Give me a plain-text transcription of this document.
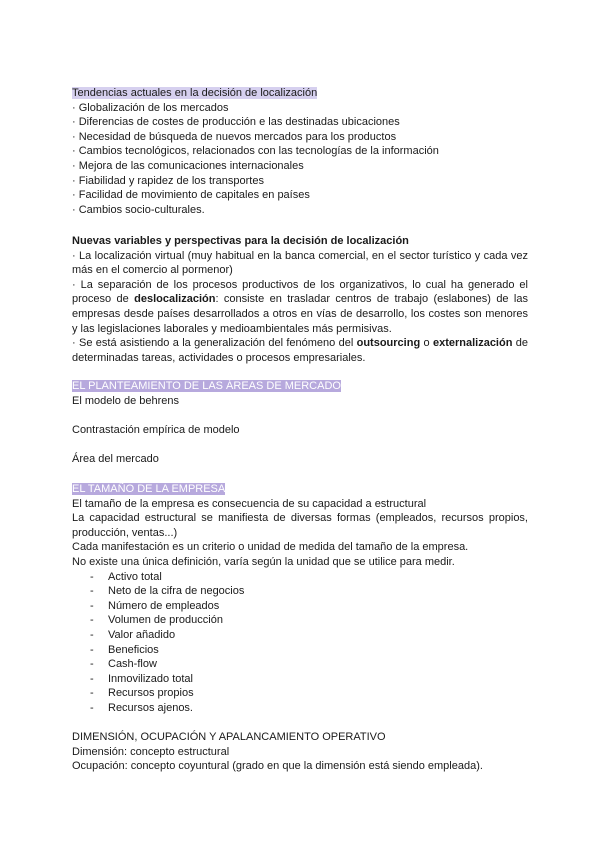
Tendencias actuales en la decisión de localización

· Globalización de los mercados

· Diferencias de costes de producción e las destinadas ubicaciones

· Necesidad de búsqueda de nuevos mercados para los productos

· Cambios tecnológicos, relacionados con las tecnologías de la información

· Mejora de las comunicaciones internacionales

· Fiabilidad y rapidez de los transportes

· Facilidad de movimiento de capitales en países

· Cambios socio-culturales.

Nuevas variables y perspectivas para la decisión de localización

· La localización virtual (muy habitual en la banca comercial, en el sector turístico y cada vez más en el comercio al pormenor)

· La separación de los procesos productivos de los organizativos, lo cual ha generado el proceso de deslocalización: consiste en trasladar centros de trabajo (eslabones) de las empresas desde países desarrollados a otros en vías de desarrollo, los costes son menores y las legislaciones laborales y medioambientales más permisivas.

· Se está asistiendo a la generalización del fenómeno del outsourcing o externalización de determinadas tareas, actividades o procesos empresariales.

EL PLANTEAMIENTO DE LAS ÁREAS DE MERCADO

El modelo de behrens

Contrastación empírica de modelo

Área del mercado

EL TAMAÑO DE LA EMPRESA

El tamaño de la empresa es consecuencia de su capacidad a estructural

La capacidad estructural se manifiesta de diversas formas (empleados, recursos propios, producción, ventas...)

Cada manifestación es un criterio o unidad de medida del tamaño de la empresa.

No existe una única definición, varía según la unidad que se utilice para medir.

- Activo total
- Neto de la cifra de negocios
- Número de empleados
- Volumen de producción
- Valor añadido
- Beneficios
- Cash-flow
- Inmovilizado total
- Recursos propios
- Recursos ajenos.

DIMENSIÓN, OCUPACIÓN Y APALANCAMIENTO OPERATIVO

Dimensión: concepto estructural

Ocupación: concepto coyuntural (grado en que la dimensión está siendo empleada).
